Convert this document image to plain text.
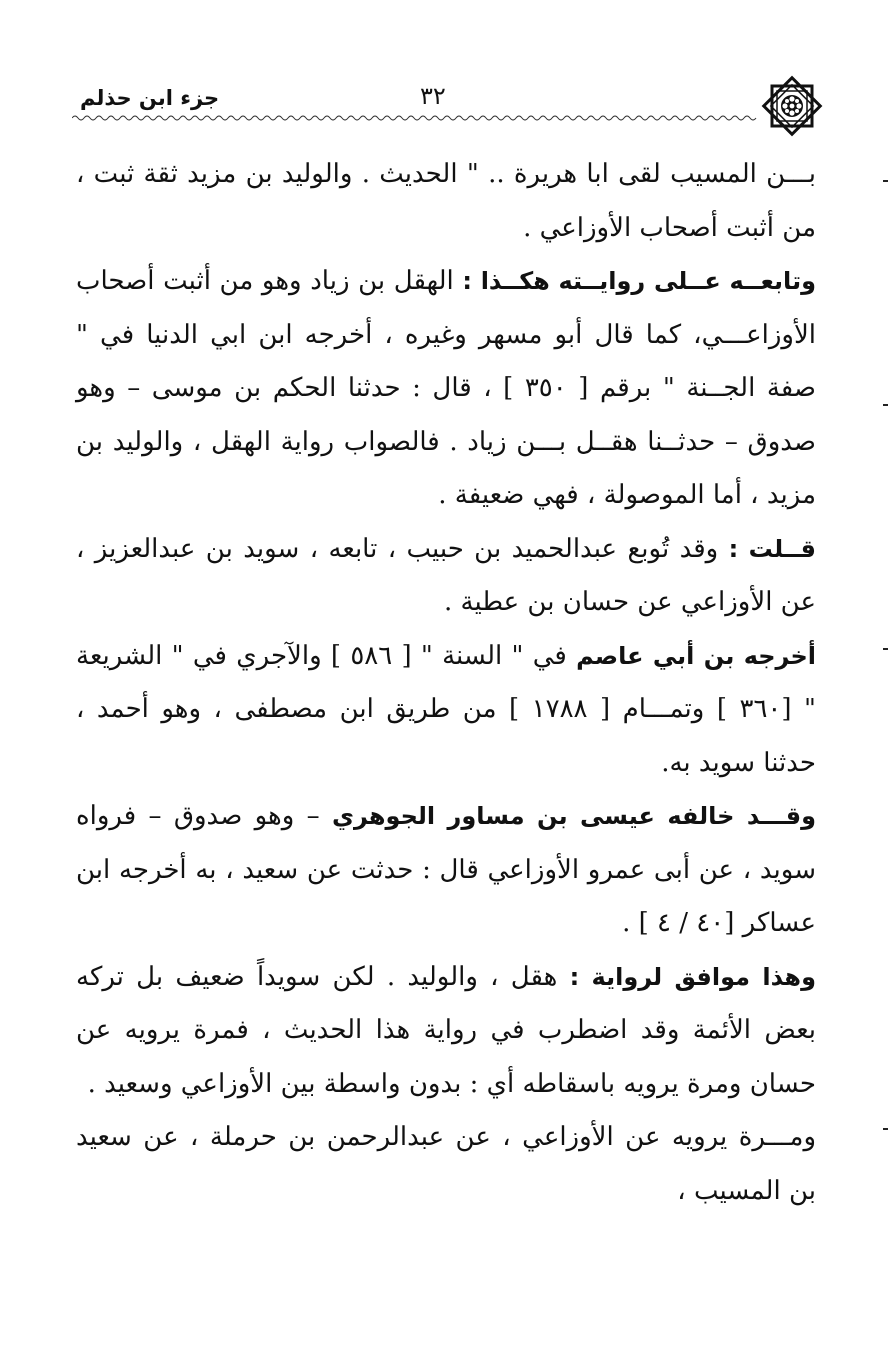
جزء ابن حذلم	٣٢

بـــن المسيب لقى ابا هريرة .. " الحديث . والوليد بن مزيد ثقة ثبت ، من أثبت أصحاب الأوزاعي .

وتابعــه عــلى روايــته هكــذا : الهقل بن زياد وهو من أثبت أصحاب الأوزاعـــي، كما قال أبو مسهر وغيره ، أخرجه ابن ابي الدنيا في " صفة الجــنة " برقم [ ٣٥٠ ] ، قال : حدثنا الحكم بن موسى – وهو صدوق – حدثــنا هقــل بـــن زياد . فالصواب رواية الهقل ، والوليد بن مزيد ، أما الموصولة ، فهي ضعيفة .

قــلت : وقد تُوبع عبدالحميد بن حبيب ، تابعه ، سويد بن عبدالعزيز ، عن الأوزاعي عن حسان بن عطية .

أخرجه بن أبي عاصم في " السنة " [ ٥٨٦ ] والآجري في " الشريعة " [٣٦٠ ] وتمـــام [ ١٧٨٨ ] من طريق ابن مصطفى ، وهو أحمد ، حدثنا سويد به.

وقـــد خالفه عيسى بن مساور الجوهري – وهو صدوق – فرواه سويد ، عن أبى عمرو الأوزاعي قال : حدثت عن سعيد ، به أخرجه ابن عساكر [٤٠ / ٤ ] .

وهذا موافق لرواية : هقل ، والوليد . لكن سويداً ضعيف بل تركه بعض الأئمة وقد اضطرب في رواية هذا الحديث ، فمرة يرويه عن حسان ومرة يرويه باسقاطه أي : بدون واسطة بين الأوزاعي وسعيد .

ومـــرة يرويه عن الأوزاعي ، عن عبدالرحمن بن حرملة ، عن سعيد بن المسيب ،
